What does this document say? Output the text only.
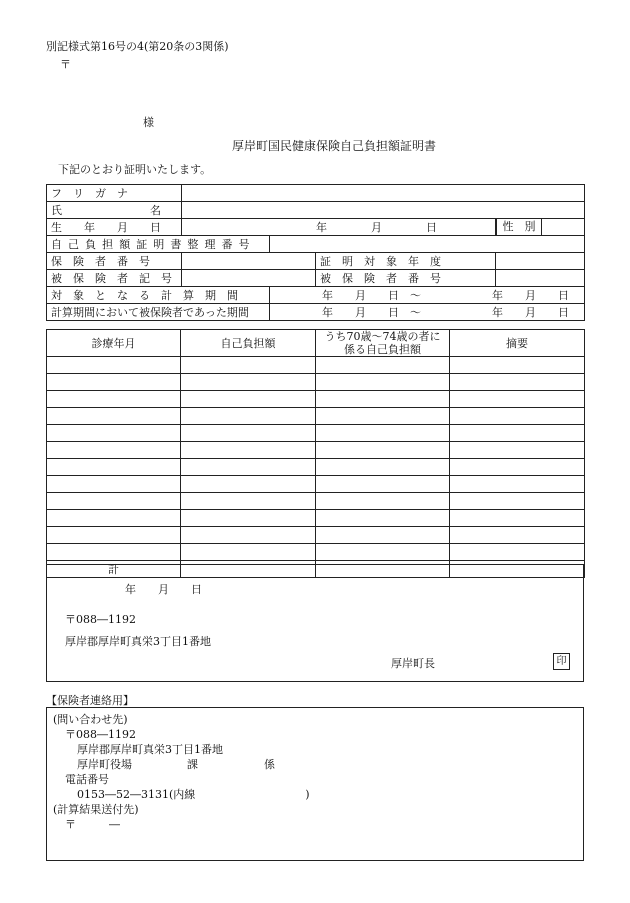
別記様式第16号の4(第20条の3関係)
〒
様
厚岸町国民健康保険自己負担額証明書
下記のとおり証明いたします。
フ　リ　ガ　ナ				
氏　　　　　　　　名				
生　　年　　月　　日	年　　　　月　　　　日			性　別

自己負担額証明書整理番号				
保　険　者　番　号			証　明　対　象　年　度	
被　保　険　者　記　号			被　保　険　者　番　号	
対　象　と　な　る　計　算　期　間		年　　月　　日　～ 年　　月　　日		
計算期間において被保険者であった期間		年　　月　　日　～ 年　　月　　日		
診療年月	自己負担額	うち70歳～74歳の者に
係る自己負担額	摘要

計			
年　　月　　日
〒088―1192
厚岸郡厚岸町真栄3丁目1番地
厚岸町長	印
【保険者連絡用】
(問い合わせ先)
〒088―1192
厚岸郡厚岸町真栄3丁目1番地
厚岸町役場　　　　　課　　　　　　係
電話番号
0153―52―3131(内線　　　　　　　　　　)
(計算結果送付先)
〒　　　―
